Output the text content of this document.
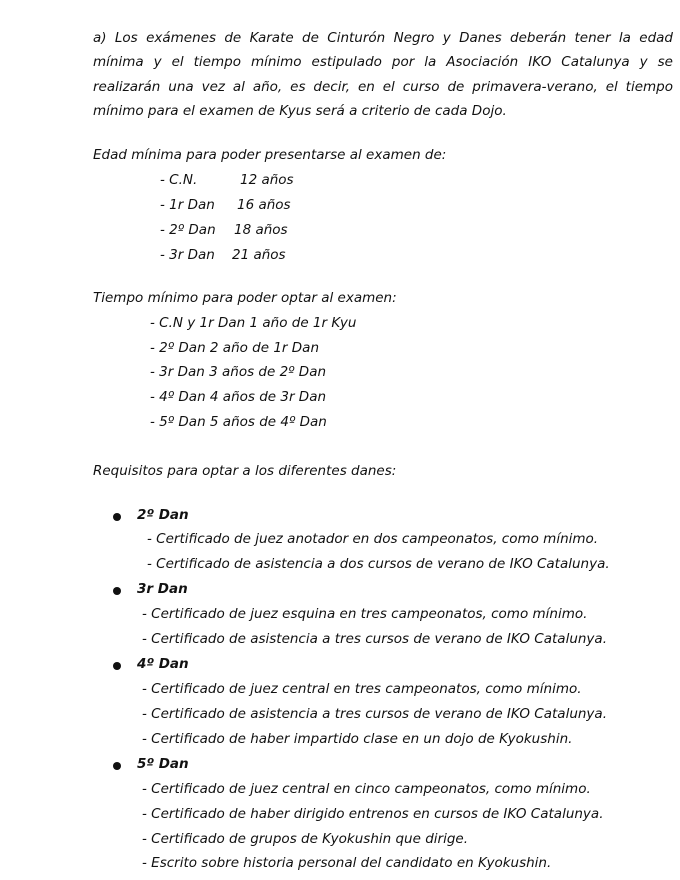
a) Los exámenes de Karate de Cinturón Negro y Danes deberán tener la edad
mínima y el tiempo mínimo estipulado por la Asociación IKO Catalunya y se
realizarán una vez al año, es decir, en el curso de primavera-verano, el tiempo
mínimo para el examen de Kyus será a criterio de cada Dojo.
Edad mínima para poder presentarse al examen de:
- C.N.	12 años
- 1r Dan 16 años
- 2º Dan 18 años
- 3r Dan 21 años
Tiempo mínimo para poder optar al examen:
- C.N y 1r Dan 1 año de 1r Kyu
- 2º Dan 2 año de 1r Dan
- 3r Dan 3 años de 2º Dan
- 4º Dan 4 años de 3r Dan
- 5º Dan 5 años de 4º Dan
Requisitos para optar a los diferentes danes:
2º Dan
- Certificado de juez anotador en dos campeonatos, como mínimo.
- Certificado de asistencia a dos cursos de verano de IKO Catalunya.
3r Dan
- Certificado de juez esquina en tres campeonatos, como mínimo.
- Certificado de asistencia a tres cursos de verano de IKO Catalunya.
4º Dan
- Certificado de juez central en tres campeonatos, como mínimo.
- Certificado de asistencia a tres cursos de verano de IKO Catalunya.
- Certificado de haber impartido clase en un dojo de Kyokushin.
5º Dan
- Certificado de juez central en cinco campeonatos, como mínimo.
- Certificado de haber dirigido entrenos en cursos de IKO Catalunya.
- Certificado de grupos de Kyokushin que dirige.
- Escrito sobre historia personal del candidato en Kyokushin.
